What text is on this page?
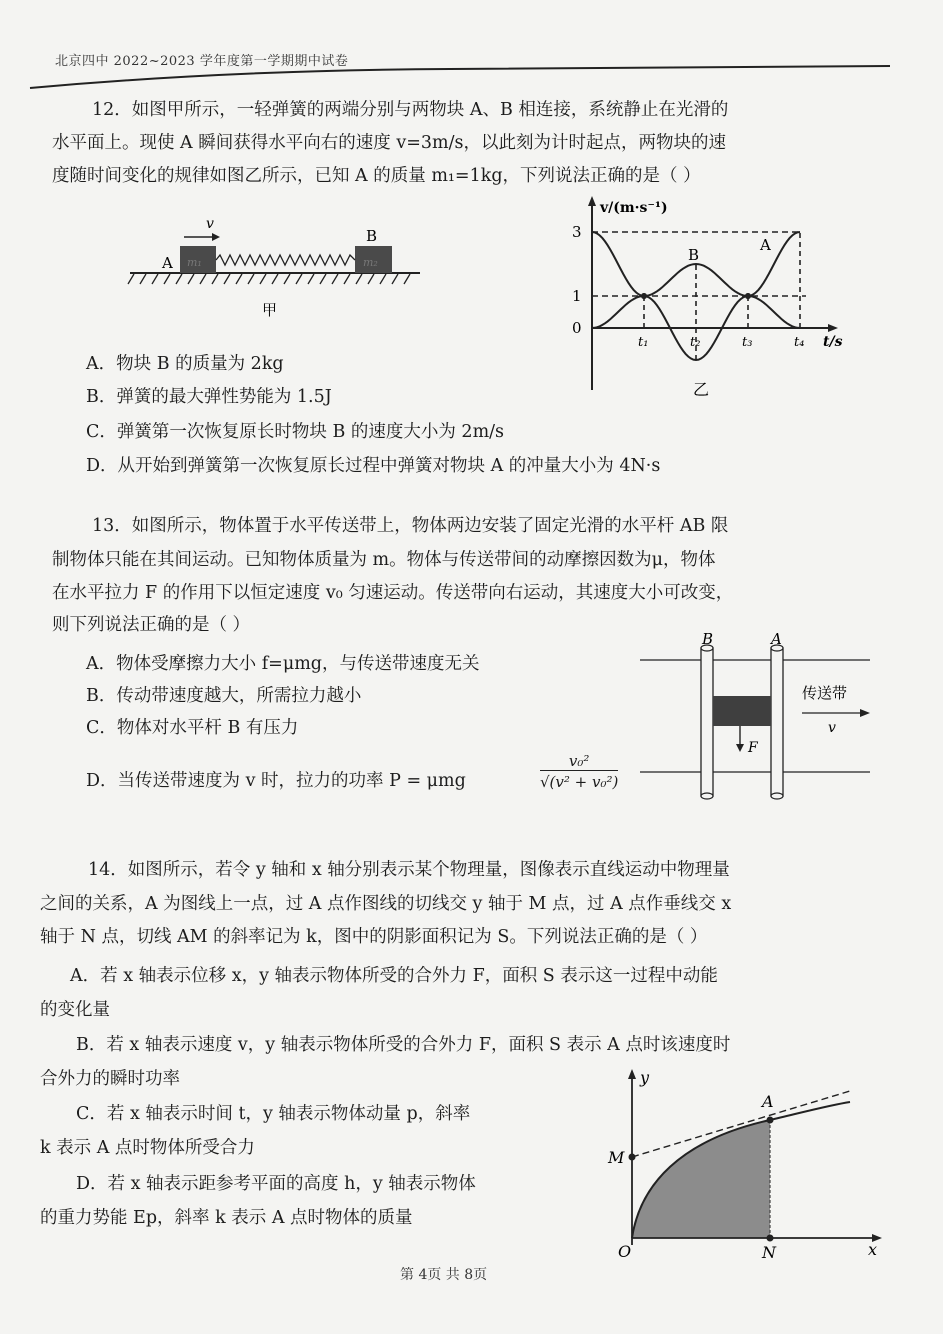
北京四中 2022~2023 学年度第一学期期中试卷
12．如图甲所示，一轻弹簧的两端分别与两物块 A、B 相连接，系统静止在光滑的
水平面上。现使 A 瞬间获得水平向右的速度 v=3m/s，以此刻为计时起点，两物块的速
度随时间变化的规律如图乙所示，已知 A 的质量 m₁=1kg，下列说法正确的是（ ）
m₁	m₂
A
B
v
甲
v/(m·s⁻¹)
t/s
0
1
3
t₁	t₂	t₃	t₄
A
B
乙
A．物块 B 的质量为 2kg
B．弹簧的最大弹性势能为 1.5J
C．弹簧第一次恢复原长时物块 B 的速度大小为 2m/s
D．从开始到弹簧第一次恢复原长过程中弹簧对物块 A 的冲量大小为 4N·s
13．如图所示，物体置于水平传送带上，物体两边安装了固定光滑的水平杆 AB 限
制物体只能在其间运动。已知物体质量为 m。物体与传送带间的动摩擦因数为μ，物体
在水平拉力 F 的作用下以恒定速度 v₀ 匀速运动。传送带向右运动，其速度大小可改变，
则下列说法正确的是（ ）
A．物体受摩擦力大小 f=μmg，与传送带速度无关
B．传动带速度越大，所需拉力越小
C．物体对水平杆 B 有压力
D．当传送带速度为 v 时，拉力的功率 P = μmg	$\frac{\text{v₀²}}{\text{√(v² + v₀²)}}$
F
B	A
传送带
v
14．如图所示，若令 y 轴和 x 轴分别表示某个物理量，图像表示直线运动中物理量
之间的关系，A 为图线上一点，过 A 点作图线的切线交 y 轴于 M 点，过 A 点作垂线交 x
轴于 N 点，切线 AM 的斜率记为 k，图中的阴影面积记为 S。下列说法正确的是（ ）
A．若 x 轴表示位移 x，y 轴表示物体所受的合外力 F，面积 S 表示这一过程中动能
的变化量
B．若 x 轴表示速度 v，y 轴表示物体所受的合外力 F，面积 S 表示 A 点时该速度时
合外力的瞬时功率
C．若 x 轴表示时间 t，y 轴表示物体动量 p，斜率
k 表示 A 点时物体所受合力
D．若 x 轴表示距参考平面的高度 h，y 轴表示物体
的重力势能 Ep，斜率 k 表示 A 点时物体的质量
y
x
O
A
M
N
第 4页 共 8页
